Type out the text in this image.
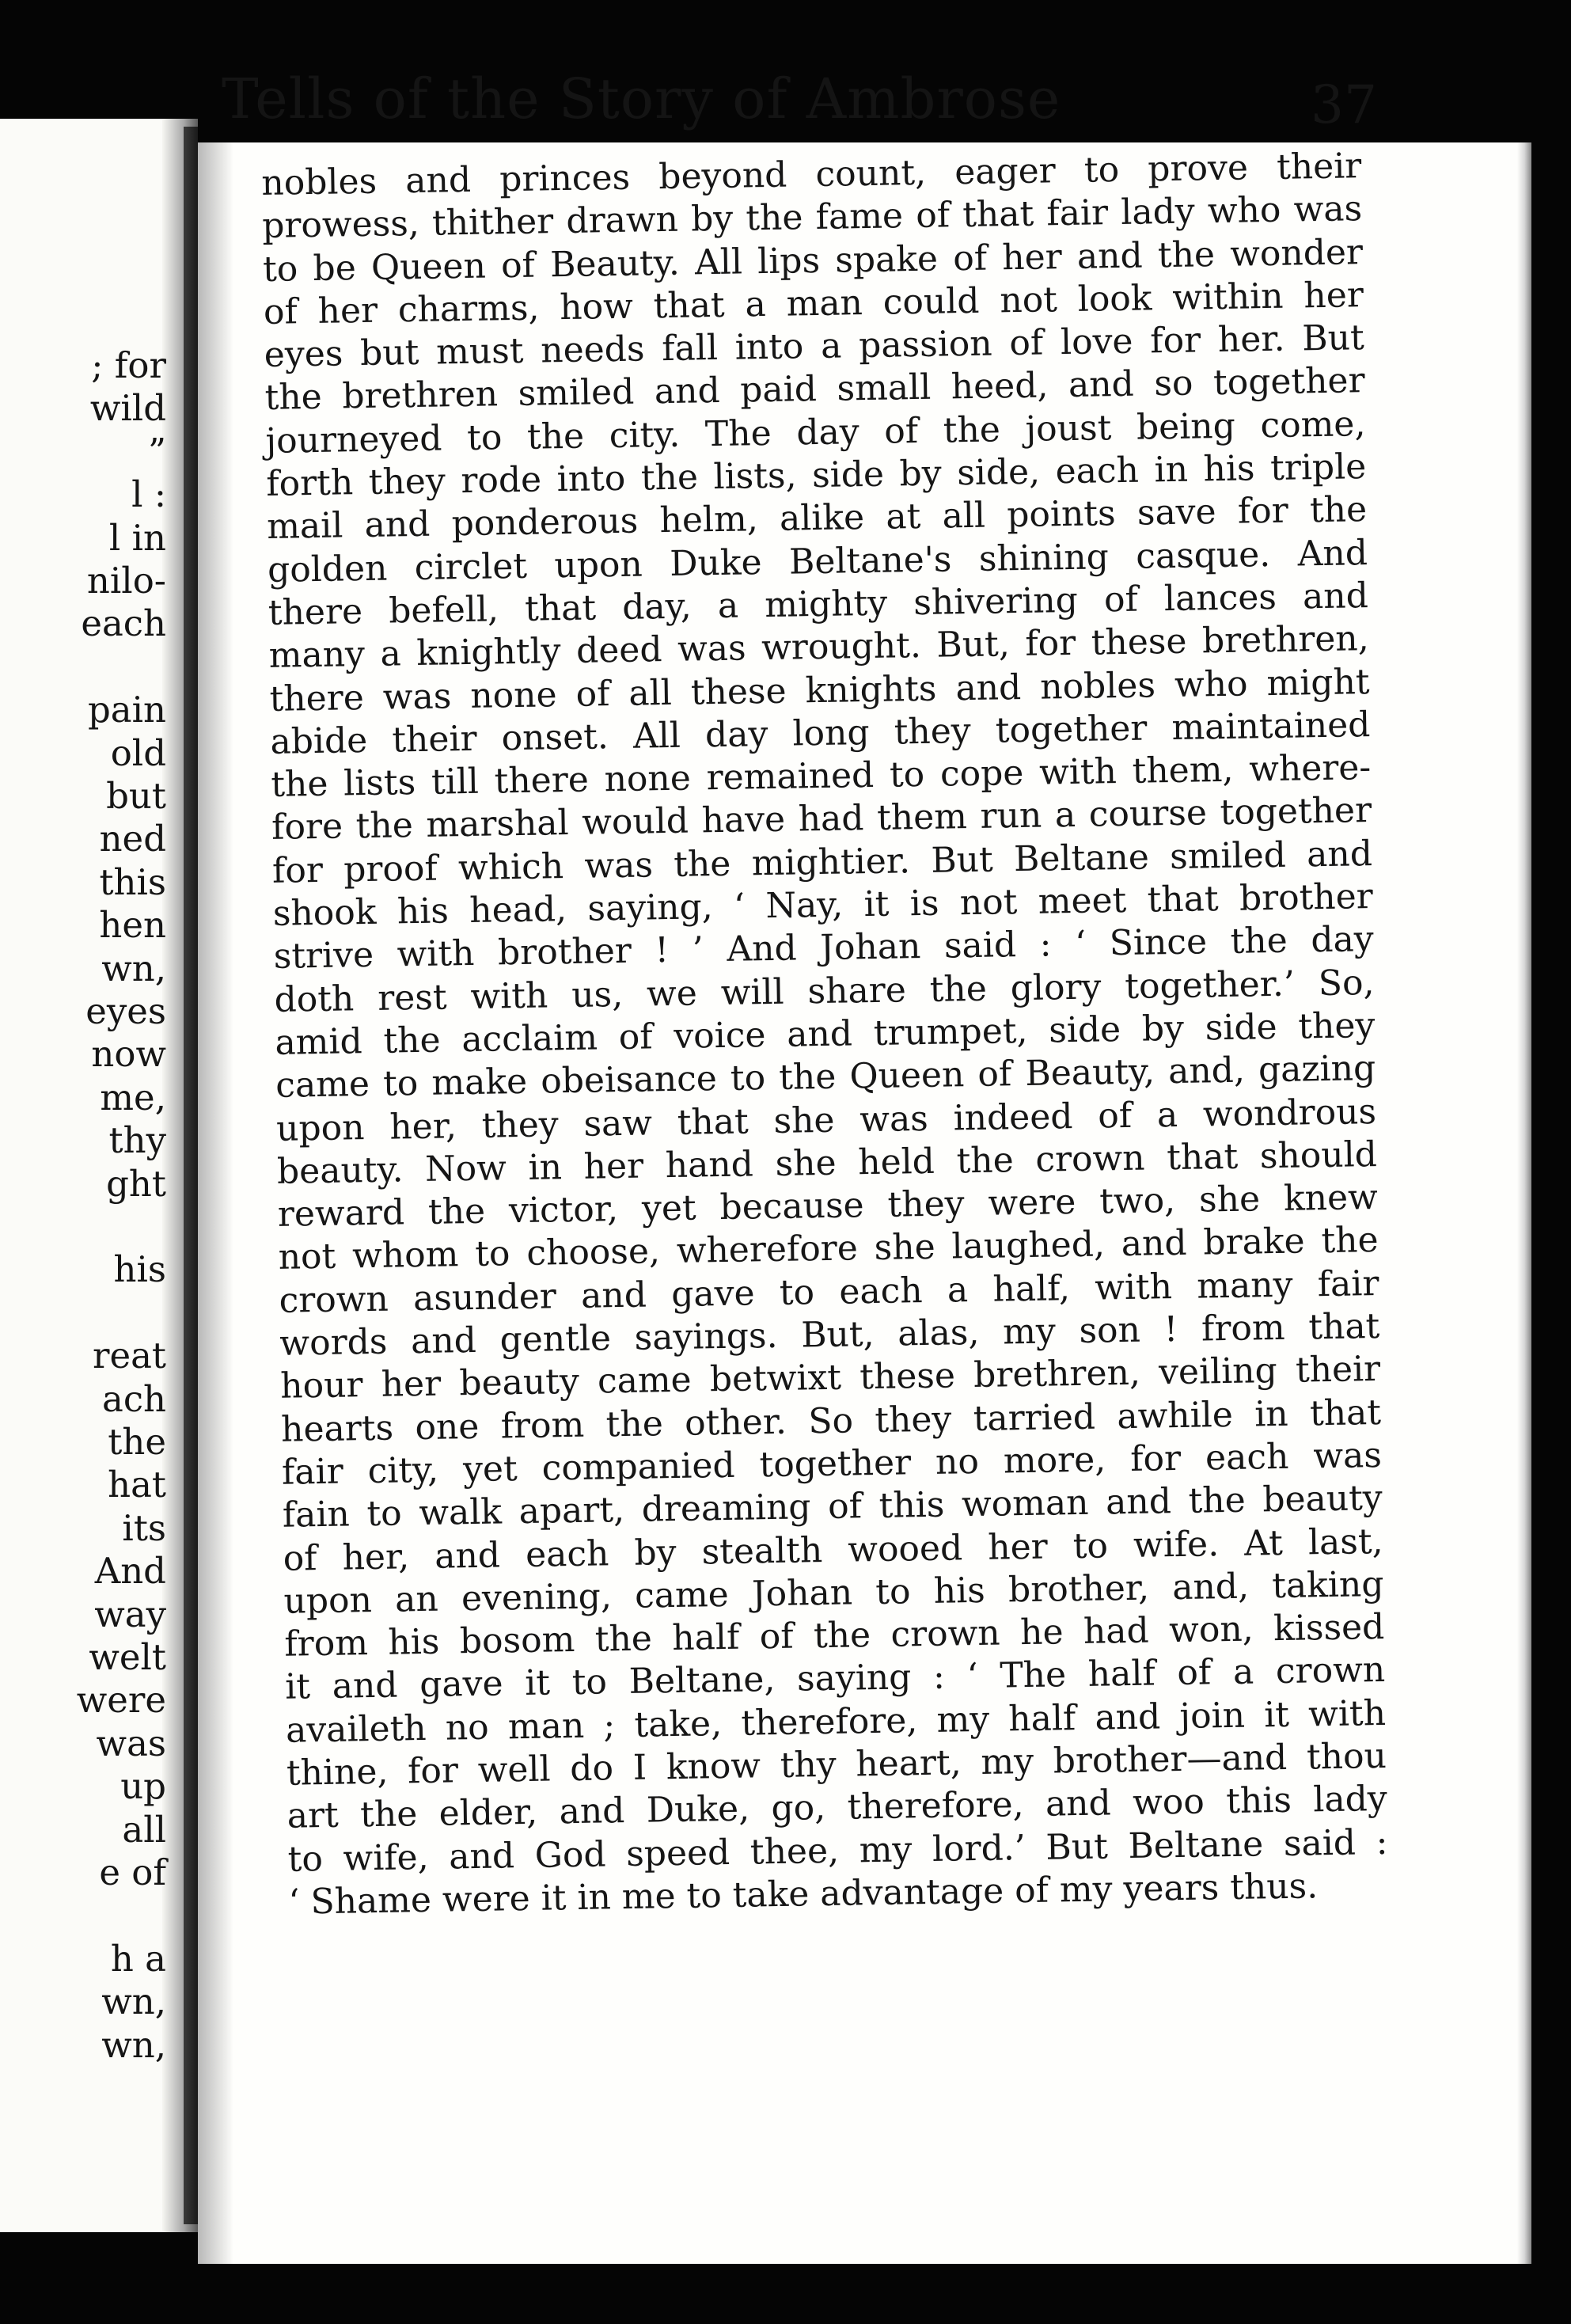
; for
wild
”
l :
l in
nilo-
each
pain
old
but
ned
this
hen
wn,
eyes
now
me,
thy
ght
his
reat
ach
the
hat
its
And
way
welt
were
was
up
all
e of
h a
wn,
wn,
Tells of the Story of Ambrose	37
nobles and princes beyond count, eager to prove their
prowess, thither drawn by the fame of that fair lady who was
to be Queen of Beauty. All lips spake of her and the wonder
of her charms, how that a man could not look within her
eyes but must needs fall into a passion of love for her. But
the brethren smiled and paid small heed, and so together
journeyed to the city. The day of the joust being come,
forth they rode into the lists, side by side, each in his triple
mail and ponderous helm, alike at all points save for the
golden circlet upon Duke Beltane's shining casque. And
there befell, that day, a mighty shivering of lances and
many a knightly deed was wrought. But, for these brethren,
there was none of all these knights and nobles who might
abide their onset. All day long they together maintained
the lists till there none remained to cope with them, where-
fore the marshal would have had them run a course together
for proof which was the mightier. But Beltane smiled and
shook his head, saying, ‘ Nay, it is not meet that brother
strive with brother ! ’ And Johan said : ‘ Since the day
doth rest with us, we will share the glory together.’ So,
amid the acclaim of voice and trumpet, side by side they
came to make obeisance to the Queen of Beauty, and, gazing
upon her, they saw that she was indeed of a wondrous
beauty. Now in her hand she held the crown that should
reward the victor, yet because they were two, she knew
not whom to choose, wherefore she laughed, and brake the
crown asunder and gave to each a half, with many fair
words and gentle sayings. But, alas, my son ! from that
hour her beauty came betwixt these brethren, veiling their
hearts one from the other. So they tarried awhile in that
fair city, yet companied together no more, for each was
fain to walk apart, dreaming of this woman and the beauty
of her, and each by stealth wooed her to wife. At last,
upon an evening, came Johan to his brother, and, taking
from his bosom the half of the crown he had won, kissed
it and gave it to Beltane, saying : ‘ The half of a crown
availeth no man ; take, therefore, my half and join it with
thine, for well do I know thy heart, my brother—and thou
art the elder, and Duke, go, therefore, and woo this lady
to wife, and God speed thee, my lord.’ But Beltane said :
‘ Shame were it in me to take advantage of my years thus.
